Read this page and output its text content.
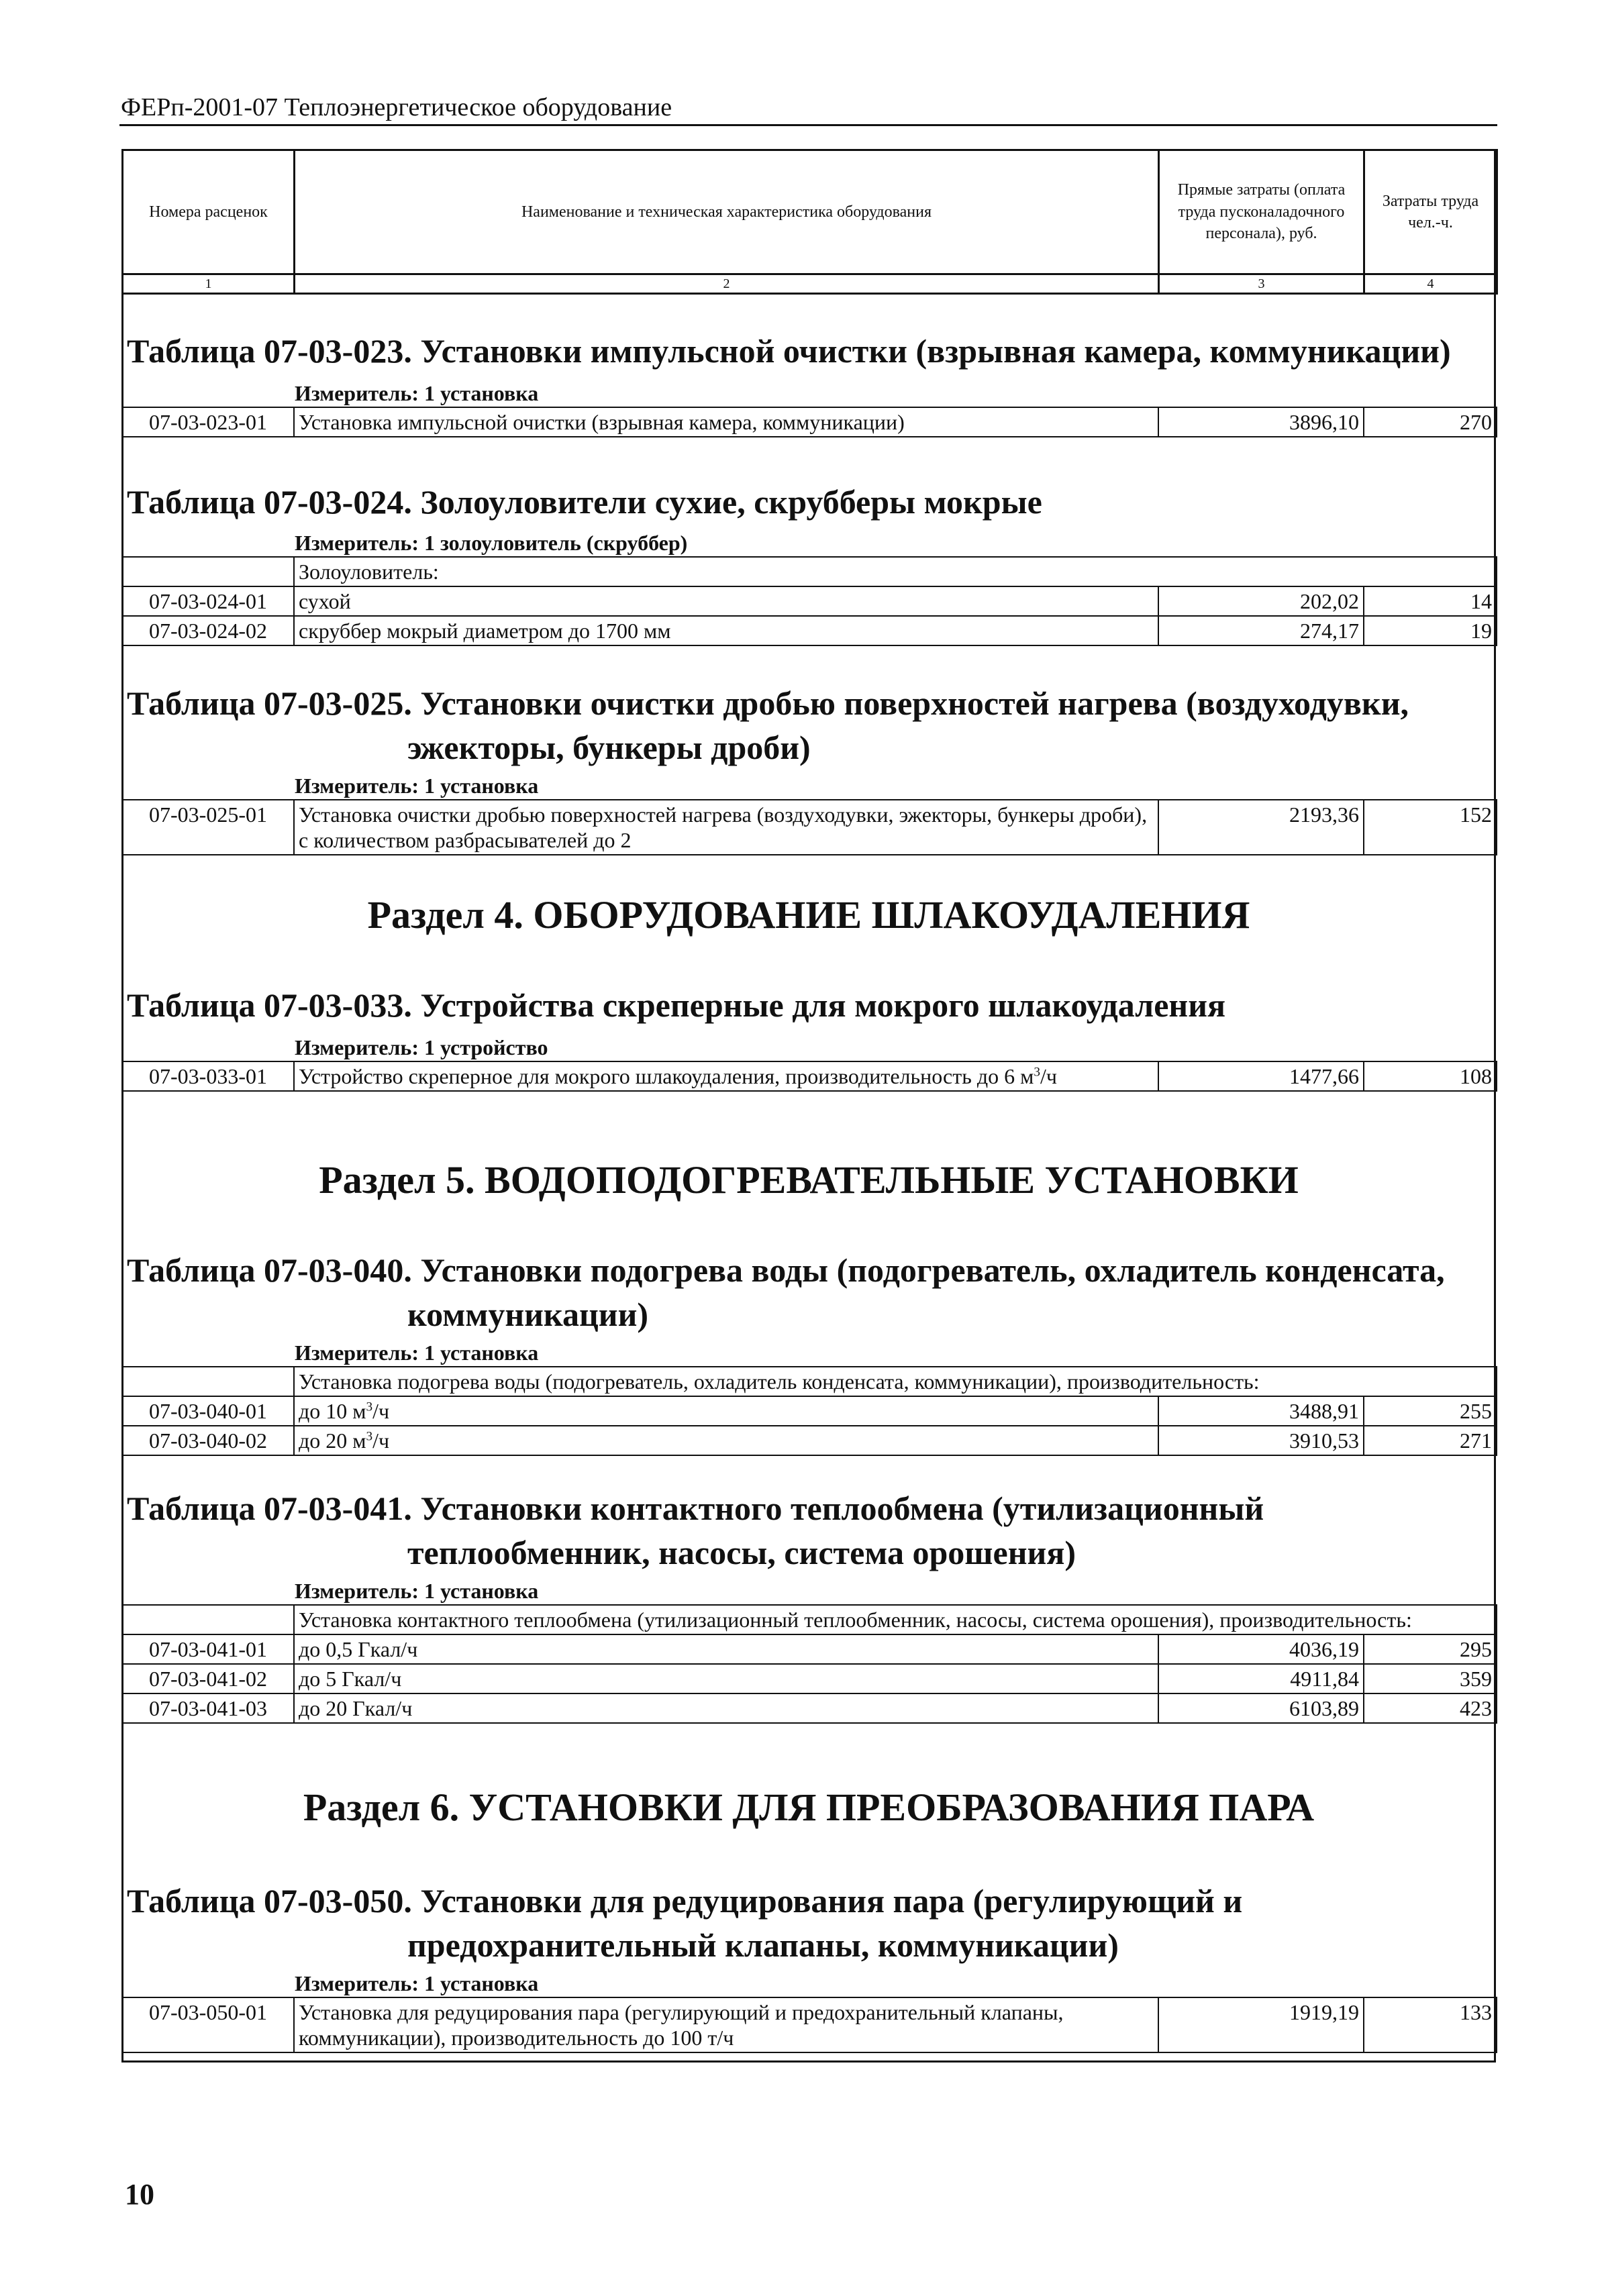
ФЕРп-2001-07 Теплоэнергетическое оборудование
Номера расценок	Наименование и техническая характеристика оборудования	Прямые затраты (оплата труда пусконаладочного персонала), руб.	Затраты труда чел.-ч.
1	2	3	4
Таблица 07-03-023. Установки импульсной очистки (взрывная камера, коммуникации)
Измеритель: 1 установка
07-03-023-01	Установка импульсной очистки (взрывная камера, коммуникации)	3896,10	270
Таблица 07-03-024. Золоуловители сухие, скрубберы мокрые
Измеритель: 1 золоуловитель (скруббер)
	Золоуловитель:		
07-03-024-01	сухой	202,02	14
07-03-024-02	скруббер мокрый диаметром до 1700 мм	274,17	19
Таблица 07-03-025. Установки очистки дробью поверхностей нагрева (воздуходувки, эжекторы, бункеры дроби)
Измеритель: 1 установка
07-03-025-01	Установка очистки дробью поверхностей нагрева (воздуходувки, эжекторы, бункеры дроби), с количеством разбрасывателей до 2	2193,36	152
Раздел 4. ОБОРУДОВАНИЕ ШЛАКОУДАЛЕНИЯ
Таблица 07-03-033. Устройства скреперные для мокрого шлакоудаления
Измеритель: 1 устройство
07-03-033-01	Устройство скреперное для мокрого шлакоудаления, производительность до 6 $м^3/ч$	1477,66	108
Раздел 5. ВОДОПОДОГРЕВАТЕЛЬНЫЕ УСТАНОВКИ
Таблица 07-03-040. Установки подогрева воды (подогреватель, охладитель конденсата, коммуникации)
Измеритель: 1 установка
	Установка подогрева воды (подогреватель, охладитель конденсата, коммуникации), производительность:		
07-03-040-01	до 10 $м^3/ч$	3488,91	255
07-03-040-02	до 20 $м^3/ч$	3910,53	271
Таблица 07-03-041. Установки контактного теплообмена (утилизационный теплообменник, насосы, система орошения)
Измеритель: 1 установка
	Установка контактного теплообмена (утилизационный теплообменник, насосы, система орошения), производительность:		
07-03-041-01	до 0,5 Гкал/ч	4036,19	295
07-03-041-02	до 5 Гкал/ч	4911,84	359
07-03-041-03	до 20 Гкал/ч	6103,89	423
Раздел 6. УСТАНОВКИ ДЛЯ ПРЕОБРАЗОВАНИЯ ПАРА
Таблица 07-03-050. Установки для редуцирования пара (регулирующий и предохранительный клапаны, коммуникации)
Измеритель: 1 установка
07-03-050-01	Установка для редуцирования пара (регулирующий и предохранительный клапаны, коммуникации), производительность до 100 т/ч	1919,19	133
10
